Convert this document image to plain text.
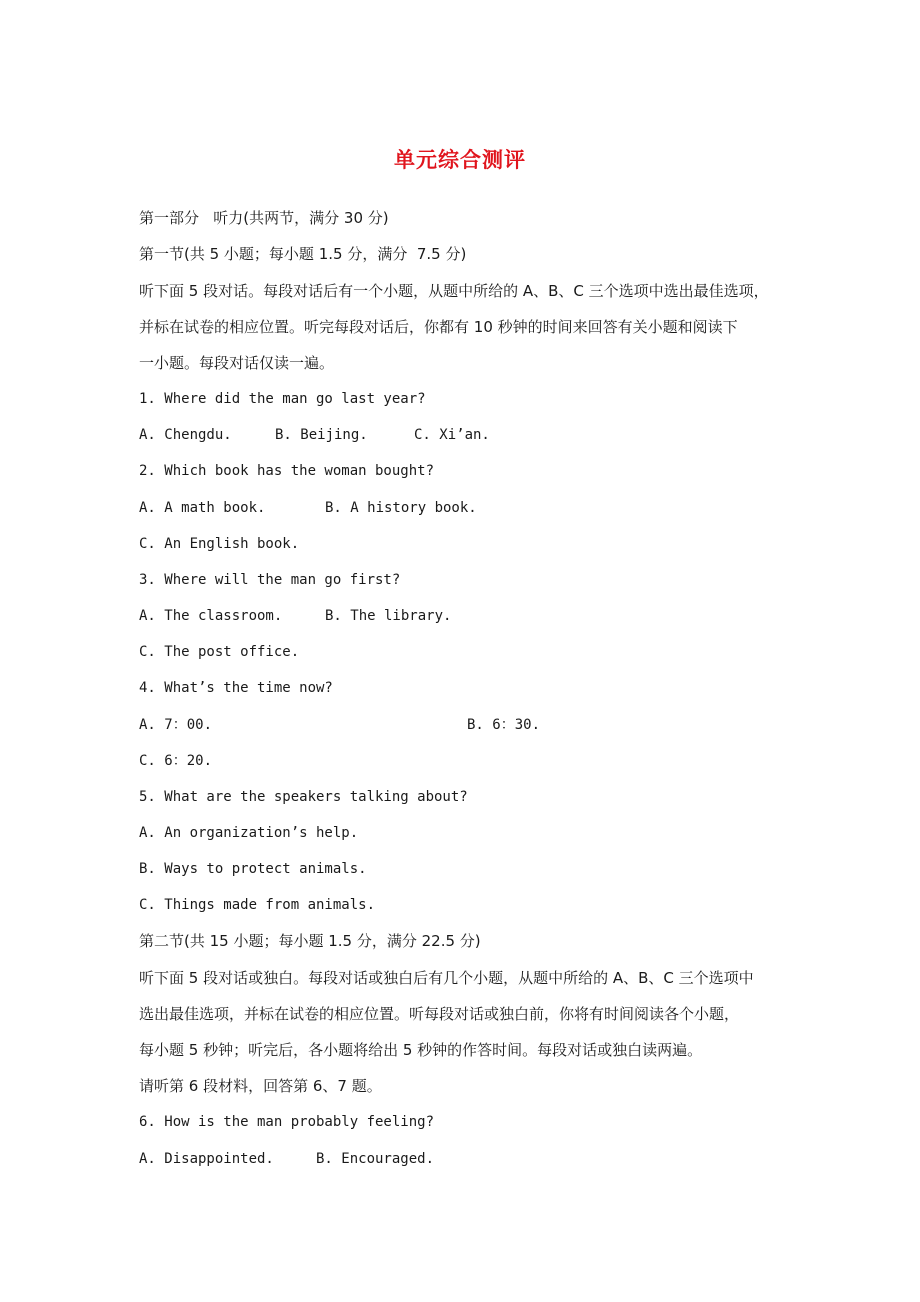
单元综合测评
第一部分   听力(共两节，满分 30 分)
第一节(共 5 小题；每小题 1.5 分，满分  7.5 分)
听下面 5 段对话。每段对话后有一个小题，从题中所给的 A、B、C 三个选项中选出最佳选项，
并标在试卷的相应位置。听完每段对话后，你都有 10 秒钟的时间来回答有关小题和阅读下
一小题。每段对话仅读一遍。
1. Where did the man go last year?
A. Chengdu.	B. Beijing.	C. Xi’an.
2. Which book has the woman bought?
A. A math book.	B. A history book.
C. An English book.
3. Where will the man go first?
A. The classroom.	B. The library.
C. The post office.
4. What’s the time now?
A. 7：00.	B. 6：30.
C. 6：20.
5. What are the speakers talking about?
A. An organization’s help.
B. Ways to protect animals.
C. Things made from animals.
第二节(共 15 小题；每小题 1.5 分，满分 22.5 分)
听下面 5 段对话或独白。每段对话或独白后有几个小题，从题中所给的 A、B、C 三个选项中
选出最佳选项，并标在试卷的相应位置。听每段对话或独白前，你将有时间阅读各个小题，
每小题 5 秒钟；听完后，各小题将给出 5 秒钟的作答时间。每段对话或独白读两遍。
请听第 6 段材料，回答第 6、7 题。
6. How is the man probably feeling?
A. Disappointed.	B. Encouraged.
